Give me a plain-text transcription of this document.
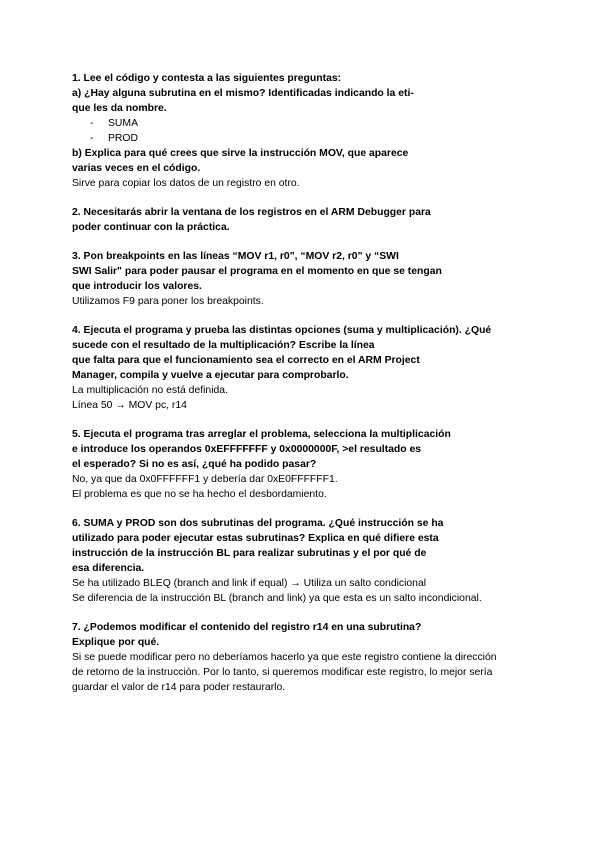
1. Lee el código y contesta a las siguientes preguntas:
a) ¿Hay alguna subrutina en el mismo? Identificadas indicando la eti-
que les da nombre.
- SUMA
- PROD
b) Explica para qué crees que sirve la instrucción MOV, que aparece
varias veces en el código.
Sirve para copiar los datos de un registro en otro.
2. Necesitarás abrir la ventana de los registros en el ARM Debugger para
poder continuar con la práctica.
3. Pon breakpoints en las líneas “MOV r1, r0", “MOV r2, r0" y “SWI
SWI Salir" para poder pausar el programa en el momento en que se tengan
que introducir los valores.
Utilizamos F9 para poner los breakpoints.
4. Ejecuta el programa y prueba las distintas opciones (suma y multiplicación). ¿Qué
sucede con el resultado de la multiplicación? Escribe la línea
que falta para que el funcionamiento sea el correcto en el ARM Project
Manager, compila y vuelve a ejecutar para comprobarlo.
La multiplicación no está definida.
Línea 50 → MOV pc, r14
5. Ejecuta el programa tras arreglar el problema, selecciona la multiplicación
e introduce los operandos 0xEFFFFFFF y 0x0000000F, >el resultado es
el esperado? Si no es así, ¿qué ha podido pasar?
No, ya que da 0x0FFFFFF1 y debería dar 0xE0FFFFFF1.
El problema es que no se ha hecho el desbordamiento.
6. SUMA y PROD son dos subrutinas del programa. ¿Qué instrucción se ha
utilizado para poder ejecutar estas subrutinas? Explica en qué difiere esta
instrucción de la instrucción BL para realizar subrutinas y el por qué de
esa diferencia.
Se ha utilizado BLEQ (branch and link if equal) → Utiliza un salto condicional
Se diferencia de la instrucción BL (branch and link) ya que esta es un salto incondicional.
7. ¿Podemos modificar el contenido del registro r14 en una subrutina?
Explique por qué.
Si se puede modificar pero no deberíamos hacerlo ya que este registro contiene la dirección
de retorno de la instrucción. Por lo tanto, si queremos modificar este registro, lo mejor sería
guardar el valor de r14 para poder restaurarlo.
